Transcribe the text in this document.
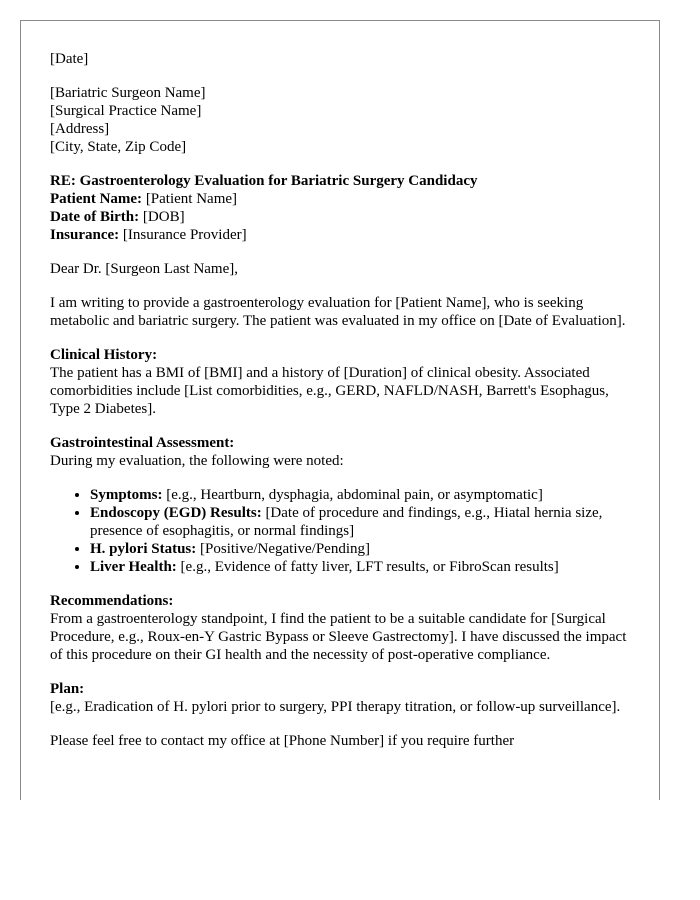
[Date]
[Bariatric Surgeon Name]
[Surgical Practice Name]
[Address]
[City, State, Zip Code]
RE: Gastroenterology Evaluation for Bariatric Surgery Candidacy
Patient Name: [Patient Name]
Date of Birth: [DOB]
Insurance: [Insurance Provider]
Dear Dr. [Surgeon Last Name],
I am writing to provide a gastroenterology evaluation for [Patient Name], who is seeking metabolic and bariatric surgery. The patient was evaluated in my office on [Date of Evaluation].
Clinical History:
The patient has a BMI of [BMI] and a history of [Duration] of clinical obesity. Associated comorbidities include [List comorbidities, e.g., GERD, NAFLD/NASH, Barrett's Esophagus, Type 2 Diabetes].
Gastrointestinal Assessment:
During my evaluation, the following were noted:
• Symptoms: [e.g., Heartburn, dysphagia, abdominal pain, or asymptomatic]
• Endoscopy (EGD) Results: [Date of procedure and findings, e.g., Hiatal hernia size, presence of esophagitis, or normal findings]
• H. pylori Status: [Positive/Negative/Pending]
• Liver Health: [e.g., Evidence of fatty liver, LFT results, or FibroScan results]
Recommendations:
From a gastroenterology standpoint, I find the patient to be a suitable candidate for [Surgical Procedure, e.g., Roux-en-Y Gastric Bypass or Sleeve Gastrectomy]. I have discussed the impact of this procedure on their GI health and the necessity of post-operative compliance.
Plan:
[e.g., Eradication of H. pylori prior to surgery, PPI therapy titration, or follow-up surveillance].
Please feel free to contact my office at [Phone Number] if you require further
